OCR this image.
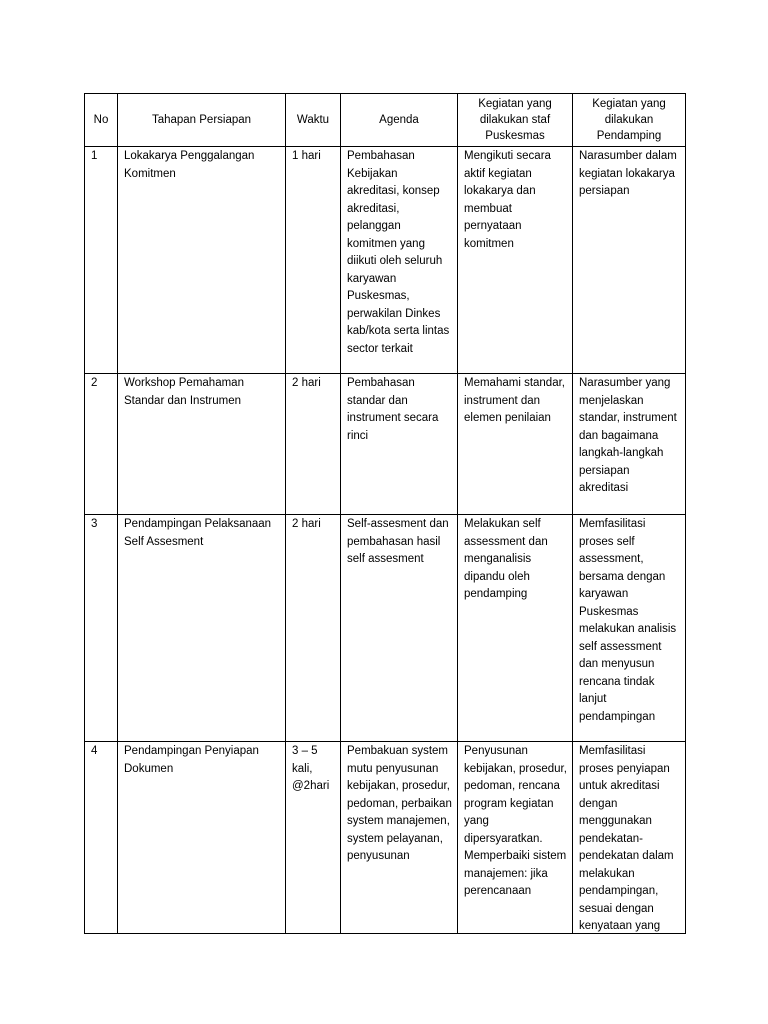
No	Tahapan Persiapan	Waktu	Agenda	Kegiatan yang dilakukan staf Puskesmas	Kegiatan yang dilakukan Pendamping
1	Lokakarya Penggalangan Komitmen	1 hari	Pembahasan Kebijakan akreditasi, konsep akreditasi, pelanggan komitmen yang diikuti oleh seluruh karyawan Puskesmas, perwakilan Dinkes kab/kota serta lintas sector terkait	Mengikuti secara aktif kegiatan lokakarya dan membuat pernyataan komitmen	Narasumber dalam kegiatan lokakarya persiapan
2	Workshop Pemahaman Standar dan Instrumen	2 hari	Pembahasan standar dan instrument secara rinci	Memahami standar, instrument dan elemen penilaian	Narasumber yang menjelaskan standar, instrument dan bagaimana langkah-langkah persiapan akreditasi
3	Pendampingan Pelaksanaan Self Assesment	2 hari	Self-assesment dan pembahasan hasil self assesment	Melakukan self assessment dan menganalisis dipandu oleh pendamping	Memfasilitasi proses self assessment, bersama dengan karyawan Puskesmas melakukan analisis self assessment dan menyusun rencana tindak lanjut pendampingan

4	Pendampingan Penyiapan Dokumen	3 – 5 kali, @2hari	Pembakuan system mutu penyusunan kebijakan, prosedur, pedoman, perbaikan system manajemen, system pelayanan, penyusunan	Penyusunan kebijakan, prosedur, pedoman, rencana program kegiatan yang dipersyaratkan. Memperbaiki sistem manajemen: jika perencanaan	Memfasilitasi proses penyiapan untuk akreditasi dengan menggunakan pendekatan-pendekatan dalam melakukan pendampingan, sesuai dengan kenyataan yang
